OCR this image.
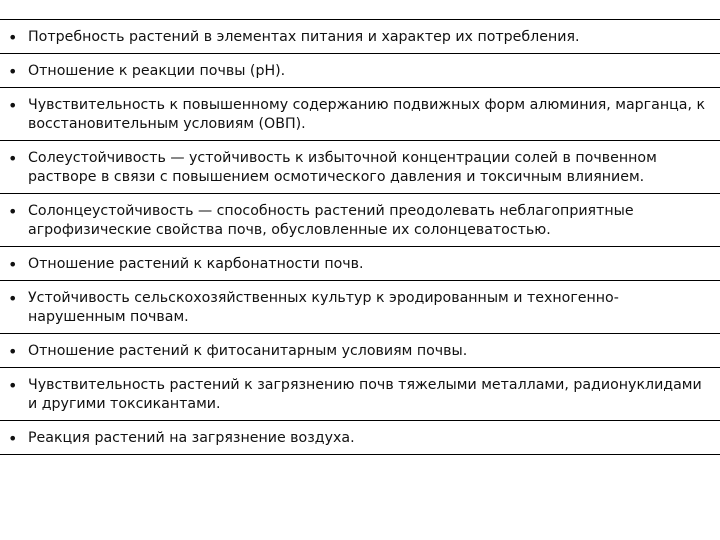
• Потребность растений в элементах питания и характер их потребления.
• Отношение к реакции почвы (рН).
• Чувствительность к повышенному содержанию подвижных форм алюминия, марганца, к восстановительным условиям (ОВП).
• Солеустойчивость — устойчивость к избыточной концентрации солей в почвенном растворе в связи с повышением осмотического давления и токсичным влиянием.
• Солонцеустойчивость — способность растений преодолевать неблагоприятные агрофизические свойства почв, обусловленные их солонцеватостью.
• Отношение растений к карбонатности почв.
• Устойчивость сельскохозяйственных культур к эродированным и техногенно-нарушенным почвам.
• Отношение растений к фитосанитарным условиям почвы.
• Чувствительность растений к загрязнению почв тяжелыми металлами, радионуклидами и другими токсикантами.
• Реакция растений на загрязнение воздуха.
